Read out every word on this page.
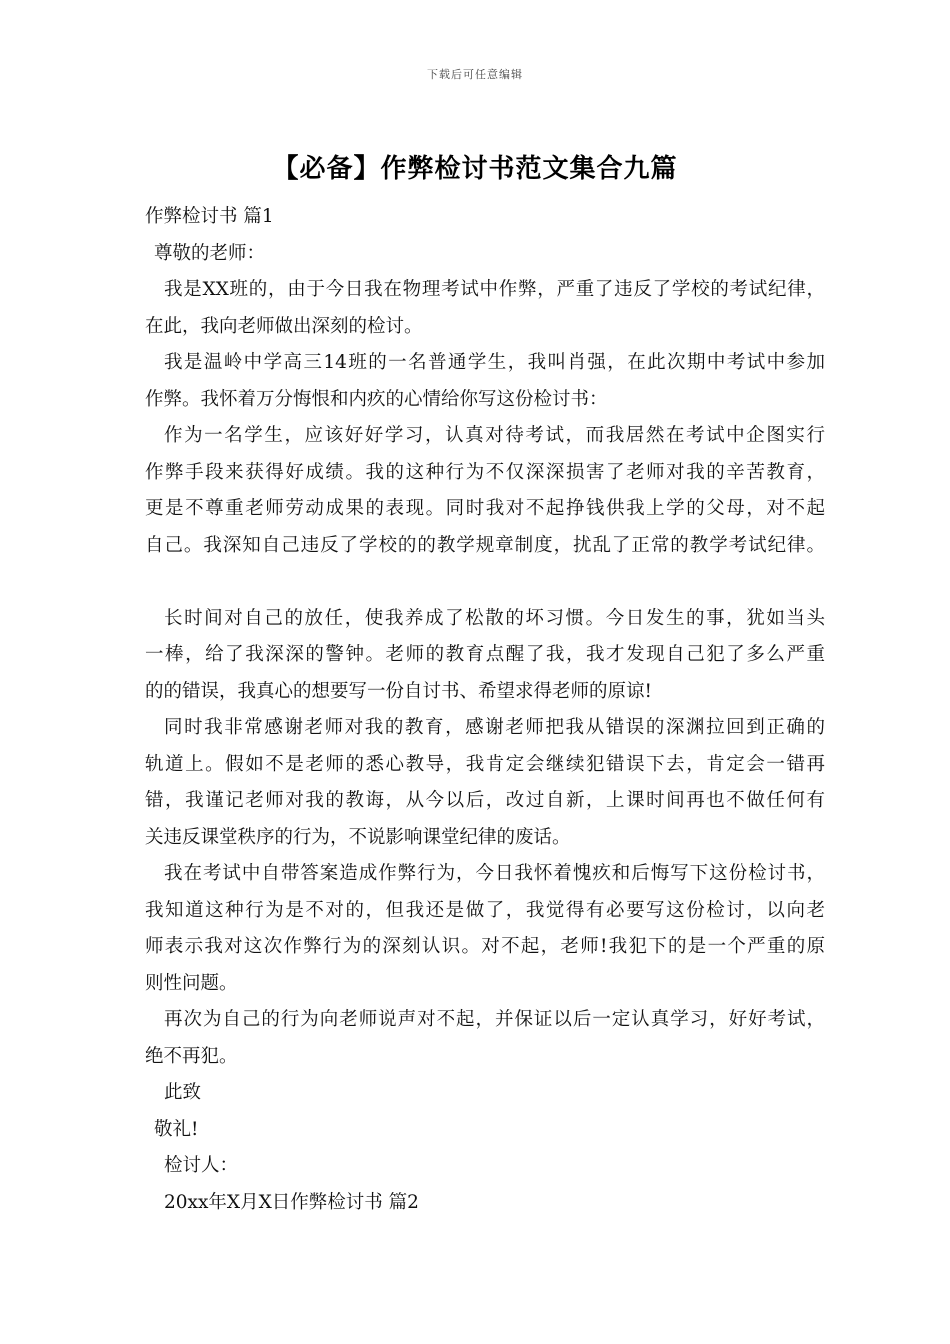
下载后可任意编辑
【必备】作弊检讨书范文集合九篇
作弊检讨书 篇1
尊敬的老师：
我是XX班的，由于今日我在物理考试中作弊，严重了违反了学校的考试纪律，
在此，我向老师做出深刻的检讨。
我是温岭中学高三14班的一名普通学生，我叫肖强，在此次期中考试中参加
作弊。我怀着万分悔恨和内疚的心情给你写这份检讨书：
作为一名学生，应该好好学习，认真对待考试，而我居然在考试中企图实行
作弊手段来获得好成绩。我的这种行为不仅深深损害了老师对我的辛苦教育，
更是不尊重老师劳动成果的表现。同时我对不起挣钱供我上学的父母，对不起
自己。我深知自己违反了学校的的教学规章制度，扰乱了正常的教学考试纪律。
长时间对自己的放任，使我养成了松散的坏习惯。今日发生的事，犹如当头
一棒，给了我深深的警钟。老师的教育点醒了我，我才发现自己犯了多么严重
的的错误，我真心的想要写一份自讨书、希望求得老师的原谅!
同时我非常感谢老师对我的教育，感谢老师把我从错误的深渊拉回到正确的
轨道上。假如不是老师的悉心教导，我肯定会继续犯错误下去，肯定会一错再
错，我谨记老师对我的教诲，从今以后，改过自新，上课时间再也不做任何有
关违反课堂秩序的行为，不说影响课堂纪律的废话。
我在考试中自带答案造成作弊行为，今日我怀着愧疚和后悔写下这份检讨书，
我知道这种行为是不对的，但我还是做了，我觉得有必要写这份检讨，以向老
师表示我对这次作弊行为的深刻认识。对不起，老师!我犯下的是一个严重的原
则性问题。
再次为自己的行为向老师说声对不起，并保证以后一定认真学习，好好考试，
绝不再犯。
此致
敬礼!
检讨人：
20xx年X月X日作弊检讨书 篇2
